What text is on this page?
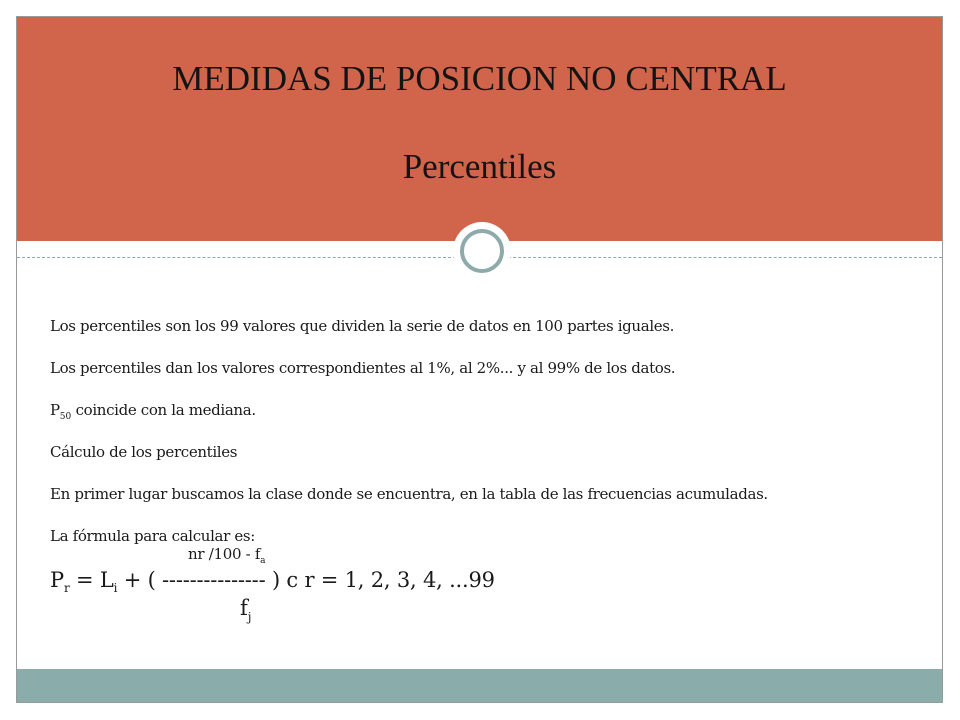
MEDIDAS DE POSICION NO CENTRAL
Percentiles
Los percentiles son los 99 valores que dividen la serie de datos en 100 partes iguales.
Los percentiles dan los valores correspondientes al 1%, al 2%... y al 99% de los datos.
$P_{50}$ coincide con la mediana.
Cálculo de los percentiles
En primer lugar buscamos la clase donde se encuentra, en la tabla de las frecuencias acumuladas.
La fórmula para calcular es:
nr $/100 - f_a$
$P_r = L_i$ + ( --------------- ) c r = 1, 2, 3, 4, ...99
$f_j$
